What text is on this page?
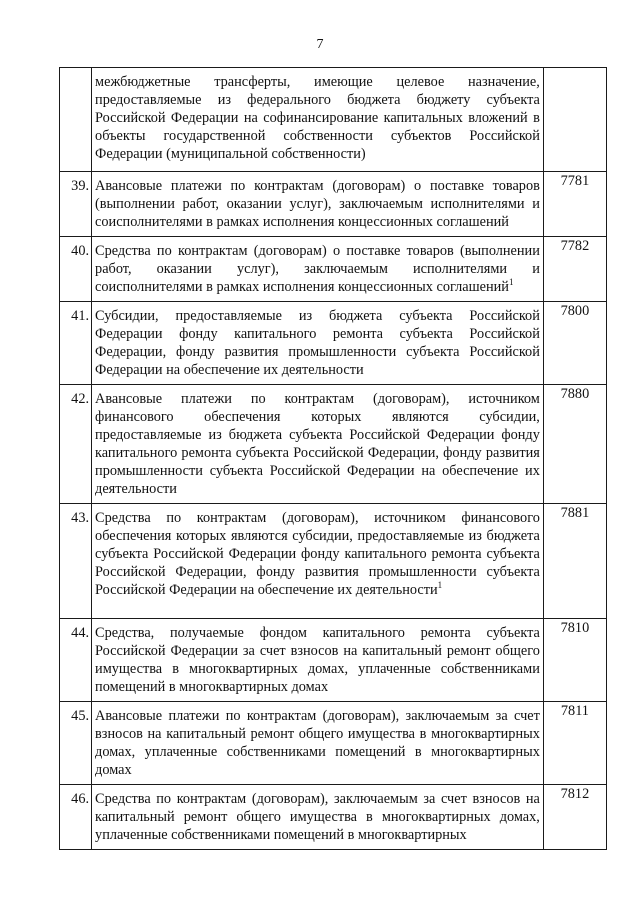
7
	межбюджетные трансферты, имеющие целевое назначение, предоставляемые из федерального бюджета бюджету субъекта Российской Федерации на софинансирование капитальных вложений в объекты государственной собственности субъектов Российской Федерации (муниципальной собственности)	
39.	Авансовые платежи по контрактам (договорам) о поставке товаров (выполнении работ, оказании услуг), заключаемым исполнителями и соисполнителями в рамках исполнения концессионных соглашений	7781
40.	Средства по контрактам (договорам) о поставке товаров (выполнении работ, оказании услуг), заключаемым исполнителями и соисполнителями в рамках исполнения концессионных соглашений$^1$	7782
41.	Субсидии, предоставляемые из бюджета субъекта Российской Федерации фонду капитального ремонта субъекта Российской Федерации, фонду развития промышленности субъекта Российской Федерации на обеспечение их деятельности	7800
42.	Авансовые платежи по контрактам (договорам), источником финансового обеспечения которых являются субсидии, предоставляемые из бюджета субъекта Российской Федерации фонду капитального ремонта субъекта Российской Федерации, фонду развития промышленности субъекта Российской Федерации на обеспечение их деятельности	7880
43.	Средства по контрактам (договорам), источником финансового обеспечения которых являются субсидии, предоставляемые из бюджета субъекта Российской Федерации фонду капитального ремонта субъекта Российской Федерации, фонду развития промышленности субъекта Российской Федерации на обеспечение их деятельности$^1$	7881
44.	Средства, получаемые фондом капитального ремонта субъекта Российской Федерации за счет взносов на капитальный ремонт общего имущества в многоквартирных домах, уплаченные собственниками помещений в многоквартирных домах	7810
45.	Авансовые платежи по контрактам (договорам), заключаемым за счет взносов на капитальный ремонт общего имущества в многоквартирных домах, уплаченные собственниками помещений в многоквартирных домах	7811
46.	Средства по контрактам (договорам), заключаемым за счет взносов на капитальный ремонт общего имущества в многоквартирных домах, уплаченные собственниками помещений в многоквартирных	7812
